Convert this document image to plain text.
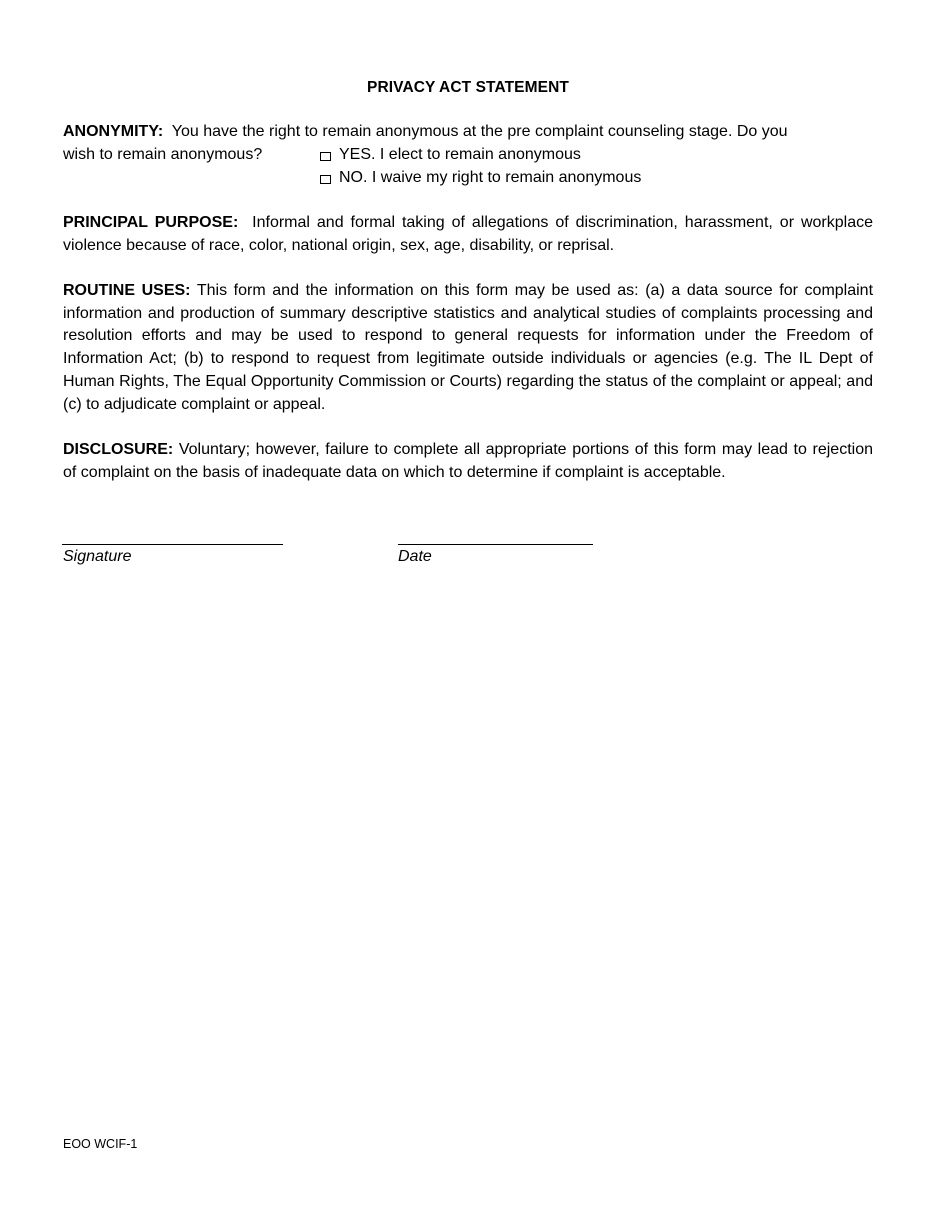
PRIVACY ACT STATEMENT
ANONYMITY: You have the right to remain anonymous at the pre complaint counseling stage. Do you
wish to remain anonymous?	YES. I elect to remain anonymous
NO. I waive my right to remain anonymous
PRINCIPAL PURPOSE: Informal and formal taking of allegations of discrimination, harassment, or workplace violence because of race, color, national origin, sex, age, disability, or reprisal.
ROUTINE USES: This form and the information on this form may be used as: (a) a data source for complaint information and production of summary descriptive statistics and analytical studies of complaints processing and resolution efforts and may be used to respond to general requests for information under the Freedom of Information Act; (b) to respond to request from legitimate outside individuals or agencies (e.g. The IL Dept of Human Rights, The Equal Opportunity Commission or Courts) regarding the status of the complaint or appeal; and (c) to adjudicate complaint or appeal.
DISCLOSURE: Voluntary; however, failure to complete all appropriate portions of this form may lead to rejection of complaint on the basis of inadequate data on which to determine if complaint is acceptable.
Signature	Date
EOO WCIF-1
